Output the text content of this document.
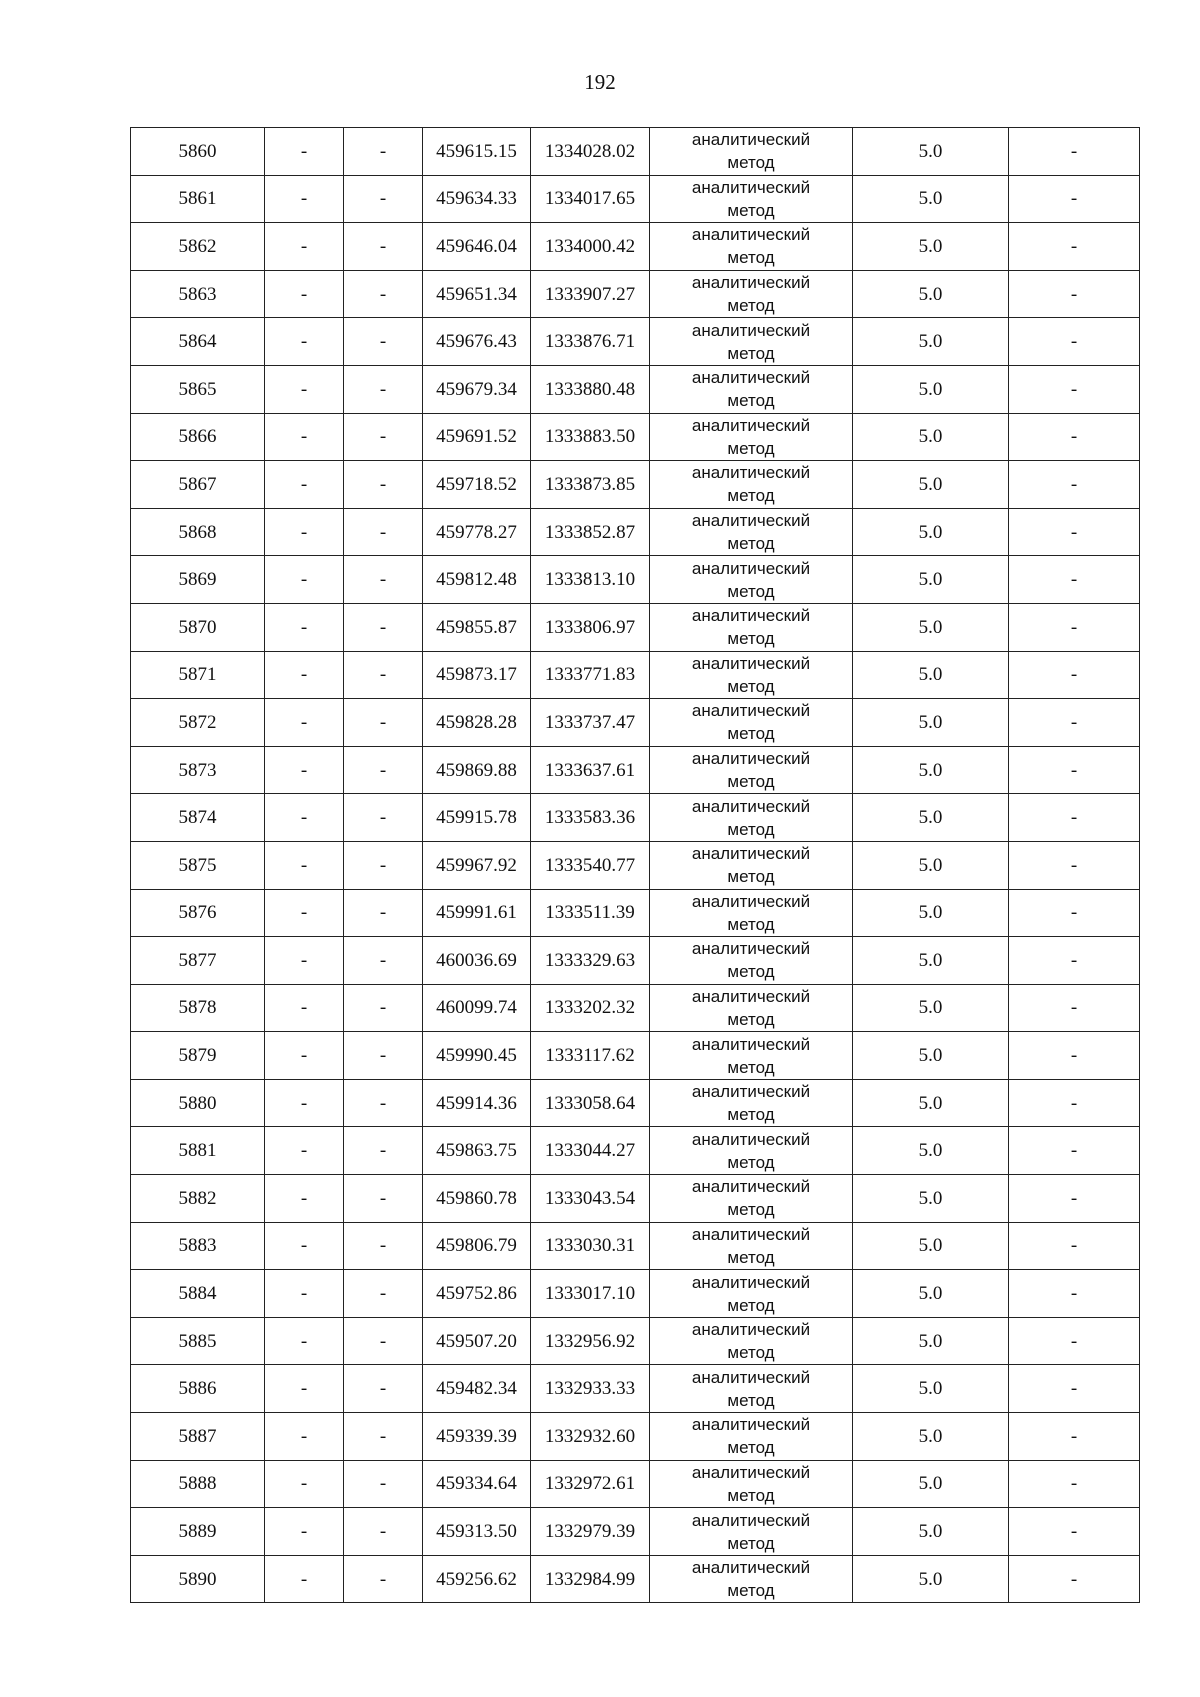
192
5860	-	-	459615.15	1334028.02	аналитический
метод	5.0	-
5861	-	-	459634.33	1334017.65	аналитический
метод	5.0	-
5862	-	-	459646.04	1334000.42	аналитический
метод	5.0	-
5863	-	-	459651.34	1333907.27	аналитический
метод	5.0	-
5864	-	-	459676.43	1333876.71	аналитический
метод	5.0	-
5865	-	-	459679.34	1333880.48	аналитический
метод	5.0	-
5866	-	-	459691.52	1333883.50	аналитический
метод	5.0	-
5867	-	-	459718.52	1333873.85	аналитический
метод	5.0	-
5868	-	-	459778.27	1333852.87	аналитический
метод	5.0	-
5869	-	-	459812.48	1333813.10	аналитический
метод	5.0	-
5870	-	-	459855.87	1333806.97	аналитический
метод	5.0	-
5871	-	-	459873.17	1333771.83	аналитический
метод	5.0	-
5872	-	-	459828.28	1333737.47	аналитический
метод	5.0	-
5873	-	-	459869.88	1333637.61	аналитический
метод	5.0	-
5874	-	-	459915.78	1333583.36	аналитический
метод	5.0	-
5875	-	-	459967.92	1333540.77	аналитический
метод	5.0	-
5876	-	-	459991.61	1333511.39	аналитический
метод	5.0	-
5877	-	-	460036.69	1333329.63	аналитический
метод	5.0	-
5878	-	-	460099.74	1333202.32	аналитический
метод	5.0	-
5879	-	-	459990.45	1333117.62	аналитический
метод	5.0	-
5880	-	-	459914.36	1333058.64	аналитический
метод	5.0	-
5881	-	-	459863.75	1333044.27	аналитический
метод	5.0	-
5882	-	-	459860.78	1333043.54	аналитический
метод	5.0	-
5883	-	-	459806.79	1333030.31	аналитический
метод	5.0	-
5884	-	-	459752.86	1333017.10	аналитический
метод	5.0	-
5885	-	-	459507.20	1332956.92	аналитический
метод	5.0	-
5886	-	-	459482.34	1332933.33	аналитический
метод	5.0	-
5887	-	-	459339.39	1332932.60	аналитический
метод	5.0	-
5888	-	-	459334.64	1332972.61	аналитический
метод	5.0	-
5889	-	-	459313.50	1332979.39	аналитический
метод	5.0	-
5890	-	-	459256.62	1332984.99	аналитический
метод	5.0	-
